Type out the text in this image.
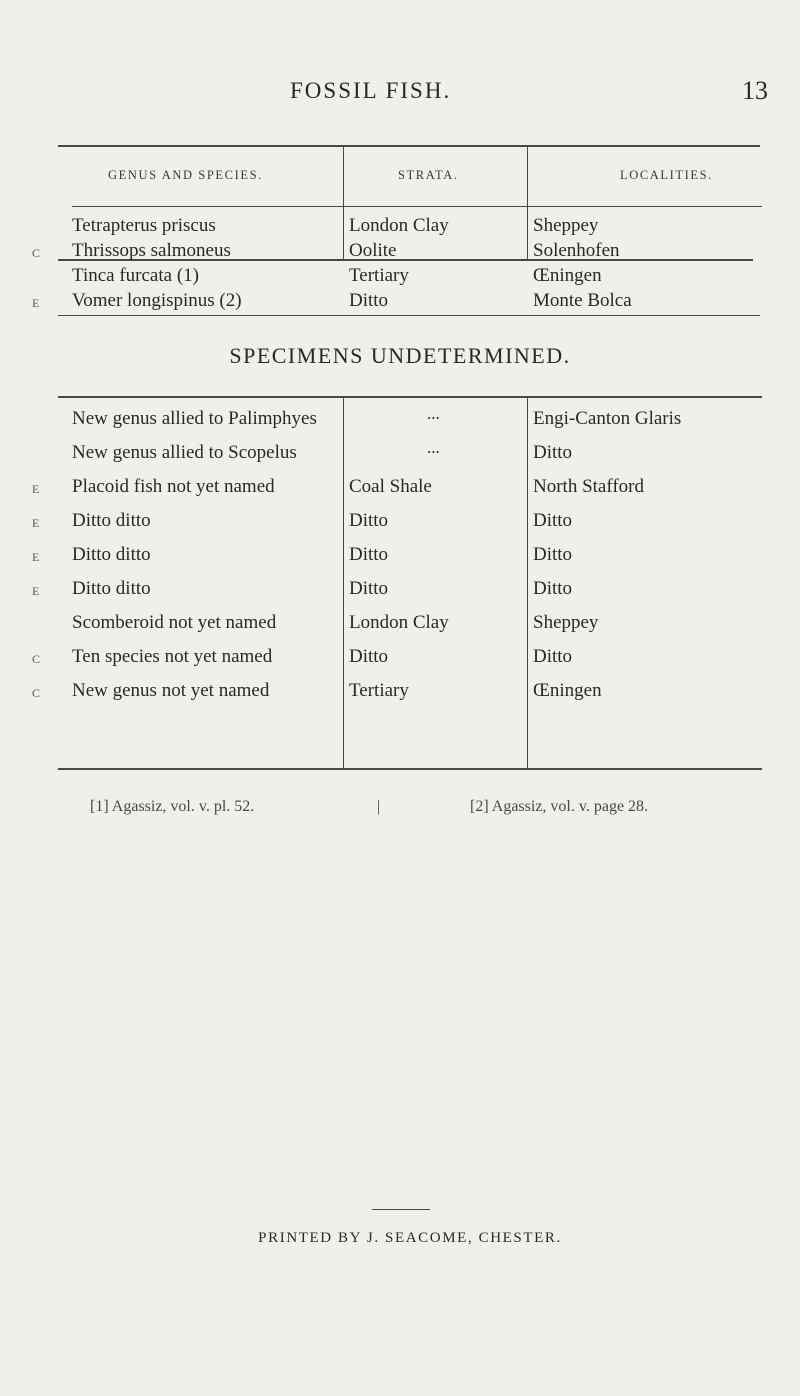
FOSSIL FISH.	13
GENUS AND SPECIES.	STRATA.	LOCALITIES.
Tetrapterus priscus	London Clay	Sheppey
C Thrissops salmoneus	Oolite	Solenhofen
Tinca furcata (1)	Tertiary	Œningen
E Vomer longispinus (2)	Ditto	Monte Bolca
SPECIMENS UNDETERMINED.
New genus allied to Palimphyes	...	Engi-Canton Glaris
New genus allied to Scopelus	...	Ditto
E Placoid fish not yet named	Coal Shale	North Stafford
E Ditto ditto	Ditto	Ditto
E Ditto ditto	Ditto	Ditto
E Ditto ditto	Ditto	Ditto
Scomberoid not yet named	London Clay	Sheppey
C Ten species not yet named	Ditto	Ditto
C New genus not yet named	Tertiary	Œningen
[1] Agassiz, vol. v. pl. 52.	|	[2] Agassiz, vol. v. page 28.
PRINTED BY J. SEACOME, CHESTER.
